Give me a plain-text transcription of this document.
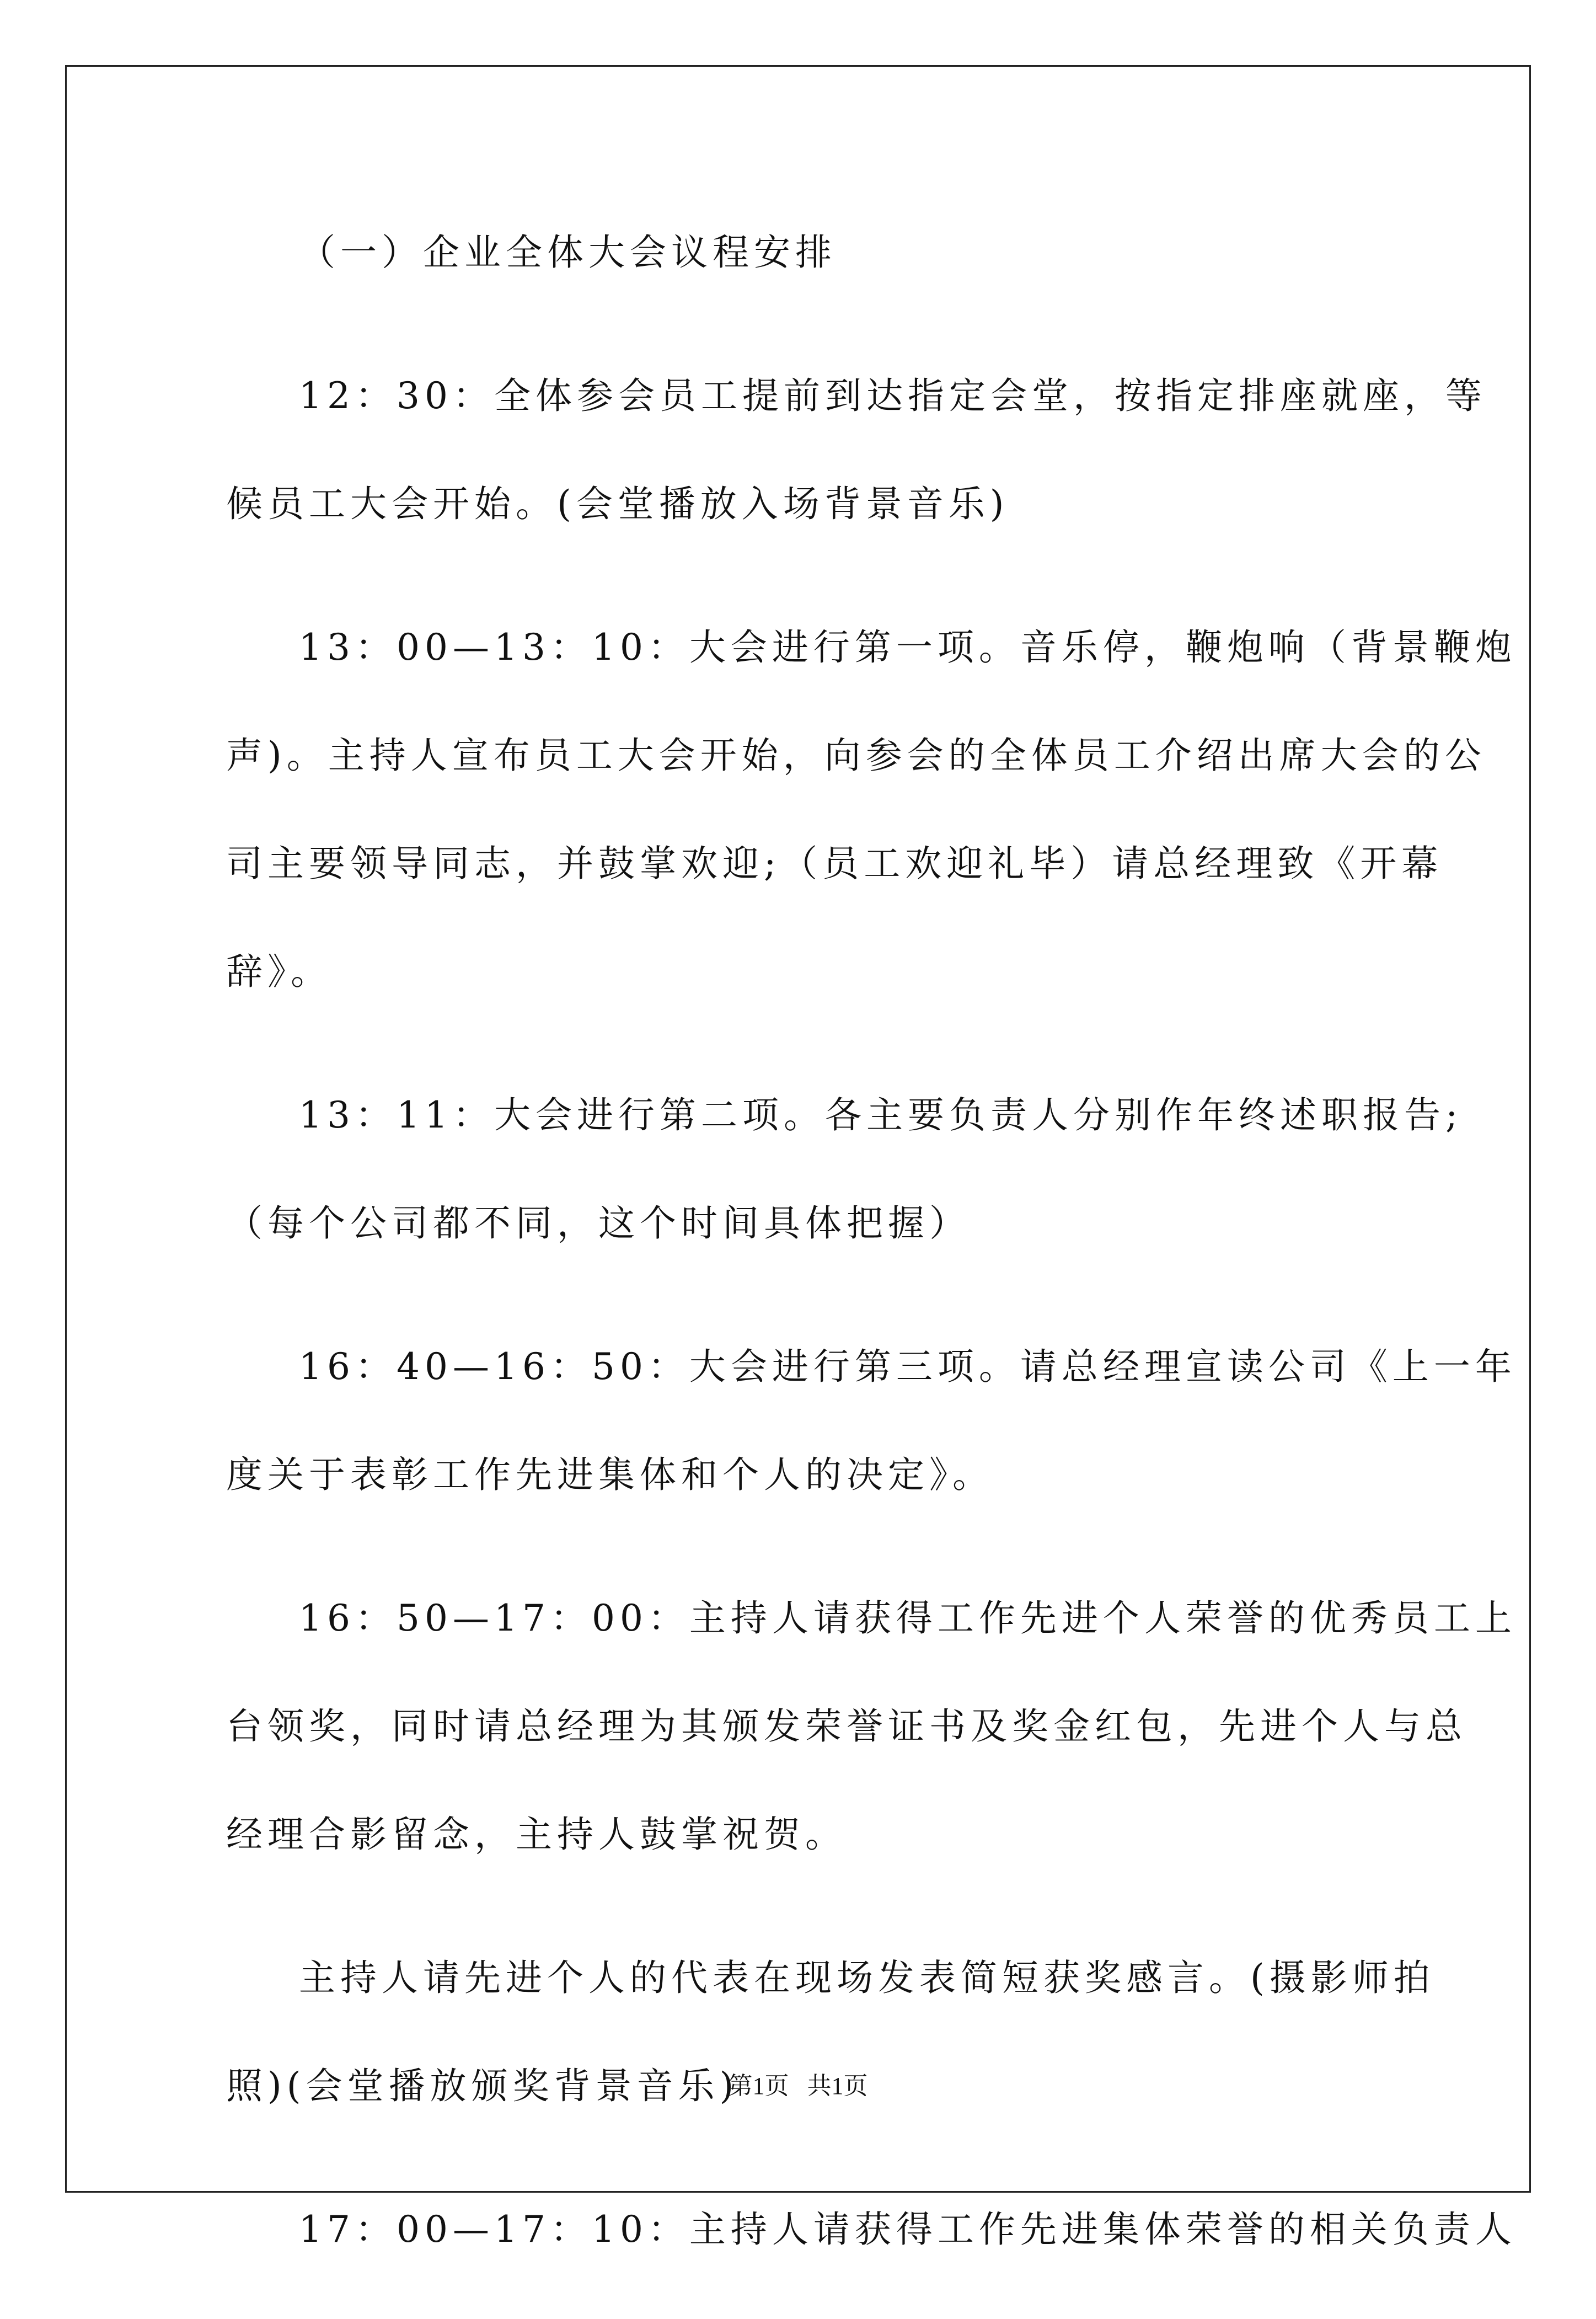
（一）企业全体大会议程安排

12：30：全体参会员工提前到达指定会堂，按指定排座就座，等
候员工大会开始。(会堂播放入场背景音乐)

13：00—13：10：大会进行第一项。音乐停，鞭炮响（背景鞭炮
声)。主持人宣布员工大会开始，向参会的全体员工介绍出席大会的公
司主要领导同志，并鼓掌欢迎;（员工欢迎礼毕）请总经理致《开幕
辞》。

13：11：大会进行第二项。各主要负责人分别作年终述职报告;
（每个公司都不同，这个时间具体把握）

16：40—16：50：大会进行第三项。请总经理宣读公司《上一年
度关于表彰工作先进集体和个人的决定》。

16：50—17：00：主持人请获得工作先进个人荣誉的优秀员工上
台领奖，同时请总经理为其颁发荣誉证书及奖金红包，先进个人与总
经理合影留念，主持人鼓掌祝贺。

主持人请先进个人的代表在现场发表简短获奖感言。(摄影师拍
照)(会堂播放颁奖背景音乐)

17：00—17：10：主持人请获得工作先进集体荣誉的相关负责人

第1页 共1页
